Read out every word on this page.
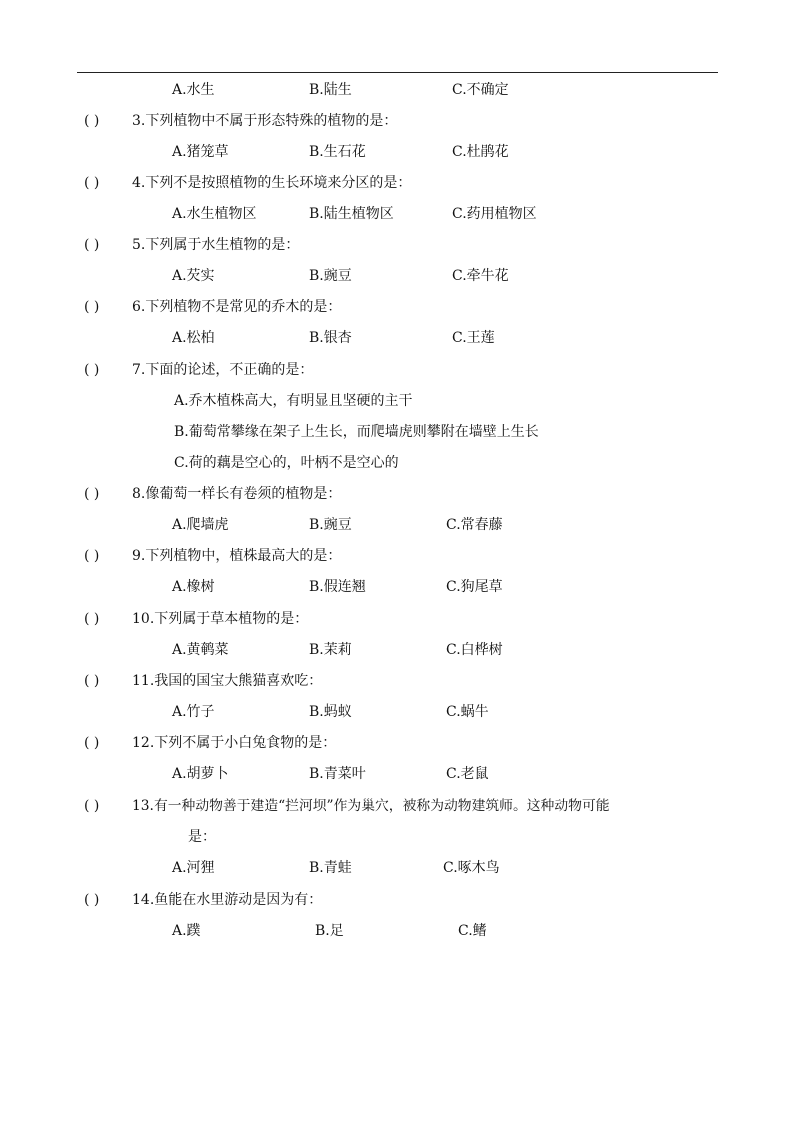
A.水生	B.陆生	C.不确定
( ) 3.下列植物中不属于形态特殊的植物的是：
A.猪笼草	B.生石花	C.杜鹃花
( ) 4.下列不是按照植物的生长环境来分区的是：
A.水生植物区	B.陆生植物区	C.药用植物区
( ) 5.下列属于水生植物的是：
A.芡实	B.豌豆	C.牵牛花
( ) 6.下列植物不是常见的乔木的是：
A.松柏	B.银杏	C.王莲
( ) 7.下面的论述，不正确的是：
A.乔木植株高大，有明显且坚硬的主干
B.葡萄常攀缘在架子上生长，而爬墙虎则攀附在墙壁上生长
C.荷的藕是空心的，叶柄不是空心的
( ) 8.像葡萄一样长有卷须的植物是：
A.爬墙虎	B.豌豆	C.常春藤
( ) 9.下列植物中，植株最高大的是：
A.橡树	B.假连翘	C.狗尾草
( ) 10.下列属于草本植物的是：
A.黄鹌菜	B.茉莉	C.白桦树
( ) 11.我国的国宝大熊猫喜欢吃：
A.竹子	B.蚂蚁	C.蜗牛
( ) 12.下列不属于小白兔食物的是：
A.胡萝卜	B.青菜叶	C.老鼠
( ) 13.有一种动物善于建造“拦河坝”作为巢穴，被称为动物建筑师。这种动物可能
是：
A.河狸	B.青蛙	C.啄木鸟
( ) 14.鱼能在水里游动是因为有：
A.蹼	B.足	C.鳍
